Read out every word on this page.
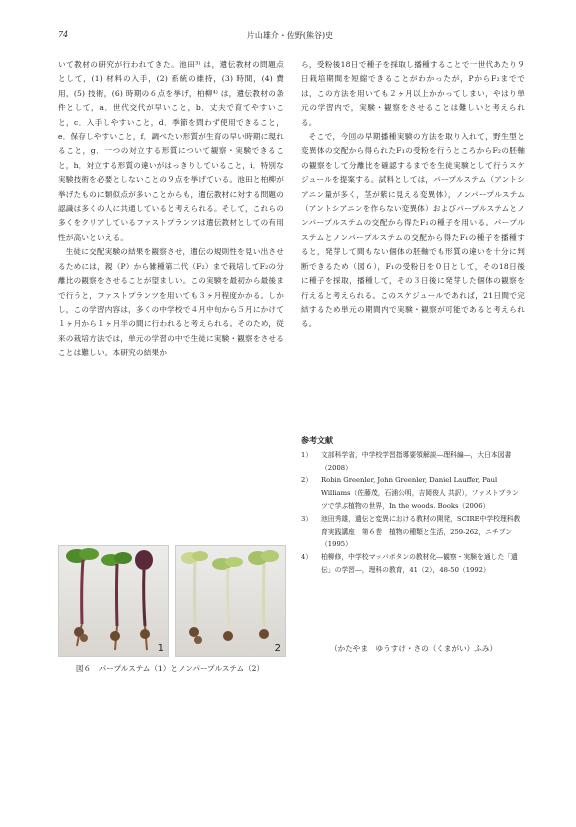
74	片山雄介・佐野(熊谷)史

いて教材の研究が行われてきた。池田³⁾ は，遺伝教材の問題点として，(1) 材料の入手，(2) 系統の維持，(3) 時間，(4) 費用，(5) 技術，(6) 時期の６点を挙げ，柏柳⁴⁾ は，遺伝教材の条件として，a．世代交代が早いこと，b．丈夫で育てやすいこと，c．入手しやすいこと，d．季節を問わず使用できること，e．保存しやすいこと，f．調べたい形質が生育の早い時期に現れること，g．一つの対立する形質について観察・実験できること，h．対立する形質の違いがはっきりしていること，i．特別な実験技術を必要としないことの９点を挙げている。池田と柏柳が挙げたものに類似点が多いことからも，遺伝教材に対する問題の認識は多くの人に共通していると考えられる。そして，これらの多くをクリアしているファストプランツは遺伝教材としての有用性が高いといえる。

生徒に交配実験の結果を観察させ，遺伝の規則性を見い出させるためには，親（P）から雑種第二代（F₂）まで栽培してF₂の分離比の観察をさせることが望ましい。この実験を最初から最後まで行うと，ファストプランツを用いても３ヶ月程度かかる。しかし，この学習内容は，多くの中学校で４月中旬から５月にかけて１ヶ月から１ヶ月半の間に行われると考えられる。そのため，従来の栽培方法では，単元の学習の中で生徒に実験・観察をさせることは難しい。本研究の結果か

ら，受粉後18日で種子を採取し播種することで一世代あたり９日栽培期間を短縮できることがわかったが，PからF₂まででは，この方法を用いても２ヶ月以上かかってしまい，やはり単元の学習内で，実験・観察をさせることは難しいと考えられる。

そこで，今回の早期播種実験の方法を取り入れて，野生型と変異体の交配から得られたF₁の受粉を行うところからF₂の胚軸の観察をして分離比を確認するまでを生徒実験として行うスケジュールを提案する。試料としては，パープルステム（アントシアニン量が多く，茎が紫に見える変異体），ノンパープルステム（アントシアニンを作らない変異体）およびパープルステムとノンパープルステムの交配から得たF₁の種子を用いる。パープルステムとノンパープルステムの交配から得たF₁の種子を播種すると，発芽して間もない個体の胚軸でも形質の違いを十分に判断できるため（図６），F₁の受粉日を０日として，その18日後に種子を採取，播種して，その３日後に発芽した個体の観察を行えると考えられる。このスケジュールであれば，21日間で完結するため単元の期間内で実験・観察が可能であると考えられる。

1	2
図６　パープルステム（1）とノンパープルステム（2）
参考文献
1）	文部科学省，中学校学習指導要領解説―理科編―，大日本図書（2008）
2）	Robin Greenler, John Greenler, Daniel Lauffer, Paul Williams（佐藤茂，石浦公明，吉岡俊人 共訳），ファストプランツで学ぶ植物の世界，In the woods. Books（2006）
3）	池田秀雄，遺伝と変異における教材の開発，SCIRE中学校理科教育実践講座　第６巻　植物の種類と生活，259-262，ニチブン（1995）
4）	柏柳修，中学校マッバボタンの教材化―観察・実験を通した「遺伝」の学習―，理科の教育，41（2），48-50（1992）
（かたやま　ゆうすけ・さの（くまがい）ふみ）
